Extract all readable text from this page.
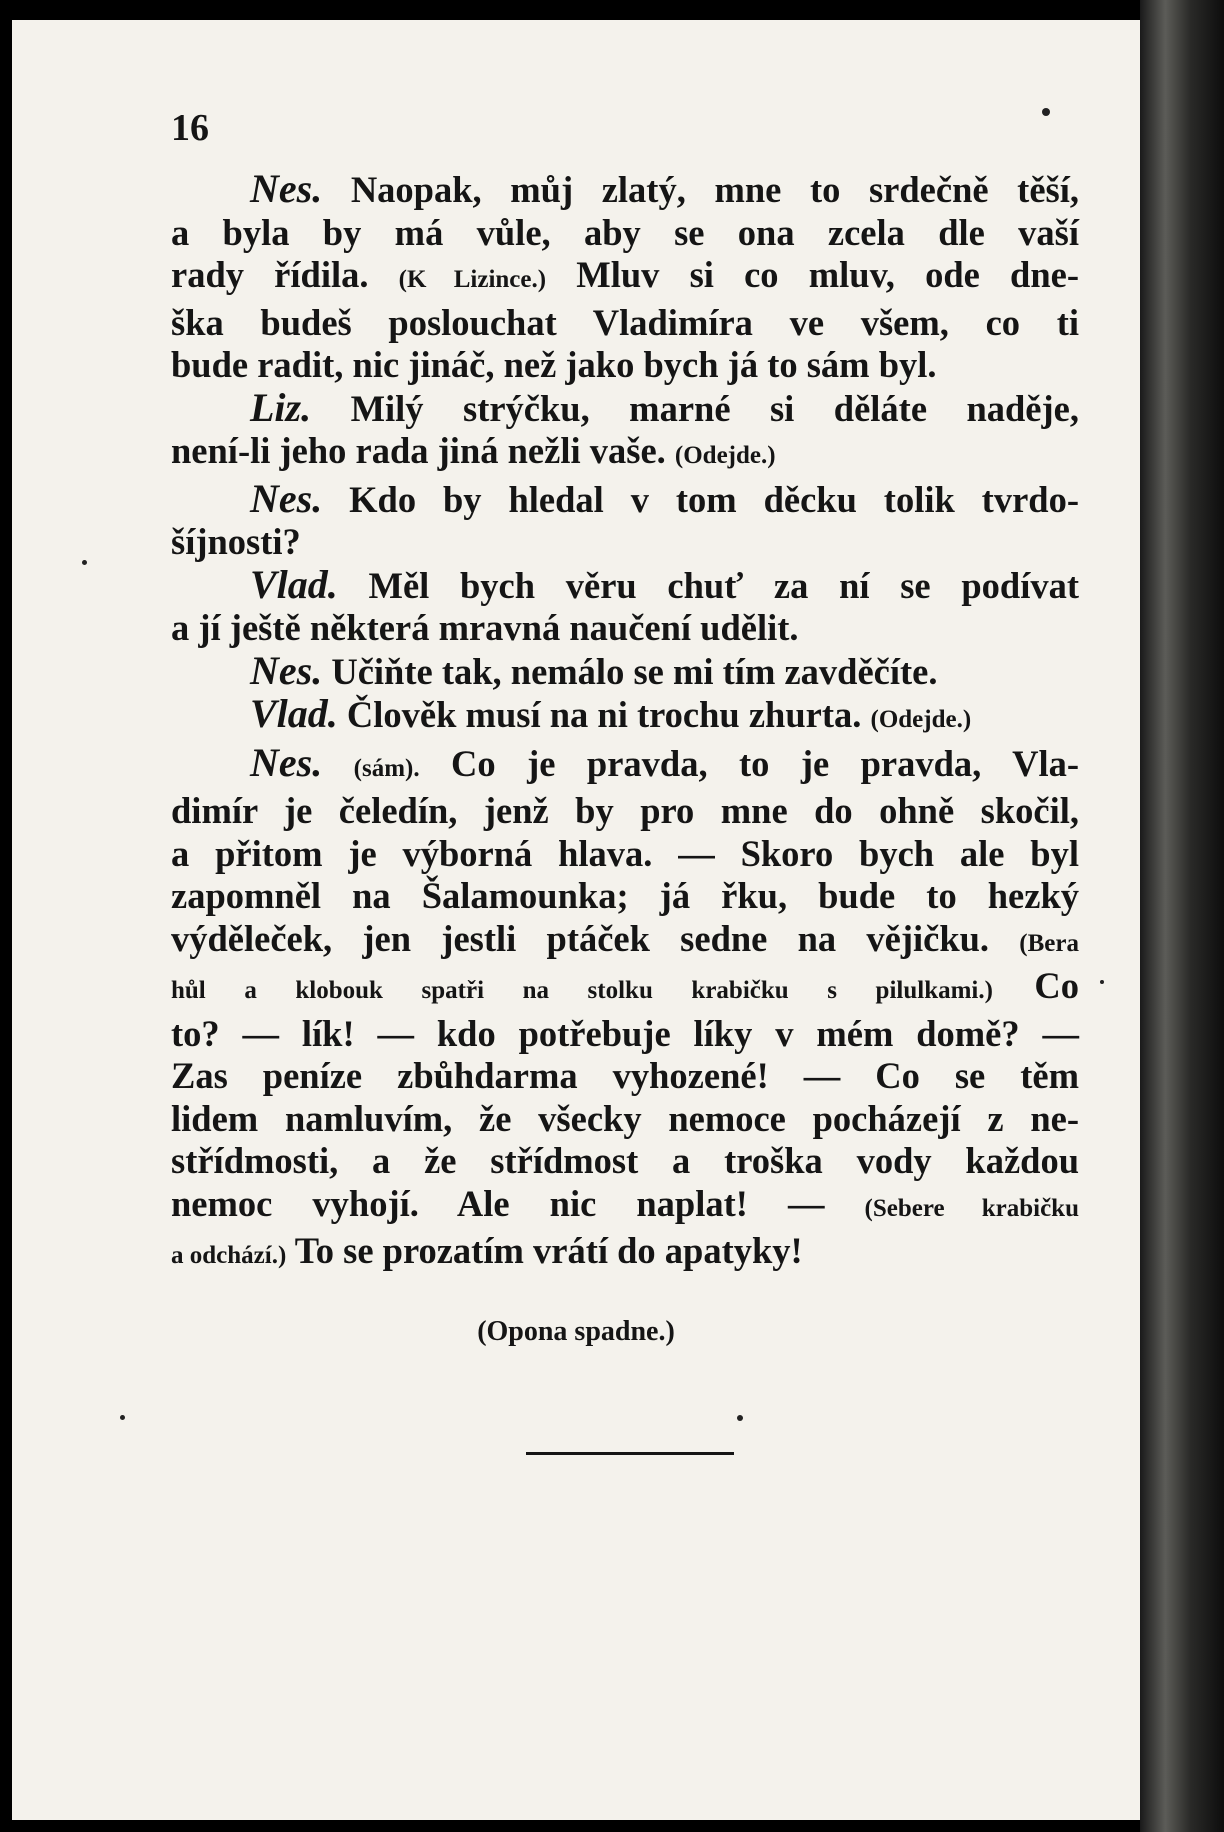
16
Nes. Naopak, můj zlatý, mne to srdečně těší,
a byla by má vůle, aby se ona zcela dle vaší
rady řídila. (K Lizince.) Mluv si co mluv, ode dne-
ška budeš poslouchat Vladimíra ve všem, co ti
bude radit, nic jináč, než jako bych já to sám byl.
Liz. Milý strýčku, marné si děláte naděje,
není-li jeho rada jiná nežli vaše. (Odejde.)
Nes. Kdo by hledal v tom děcku tolik tvrdo-
šíjnosti?
Vlad. Měl bych věru chuť za ní se podívat
a jí ještě některá mravná naučení udělit.
Nes. Učiňte tak, nemálo se mi tím zavděčíte.
Vlad. Člověk musí na ni trochu zhurta. (Odejde.)
Nes. (sám). Co je pravda, to je pravda, Vla-
dimír je čeledín, jenž by pro mne do ohně skočil,
a přitom je výborná hlava. — Skoro bych ale byl
zapomněl na Šalamounka; já řku, bude to hezký
výdělеček, jen jestli ptáček sedne na vějičku. (Bera
hůl a klobouk spatři na stolku krabičku s pilulkami.) Co
to? — lík! — kdo potřebuje líky v mém domě? —
Zas peníze zbůhdarma vyhozené! — Co se těm
lidem namluvím, že všecky nemoce pocházejí z ne-
střídmosti, a že střídmost a troška vody každou
nemoc vyhojí. Ale nic naplat! — (Sebere krabičku
a odchází.) To se prozatím vrátí do apatyky!
(Opona spadne.)
